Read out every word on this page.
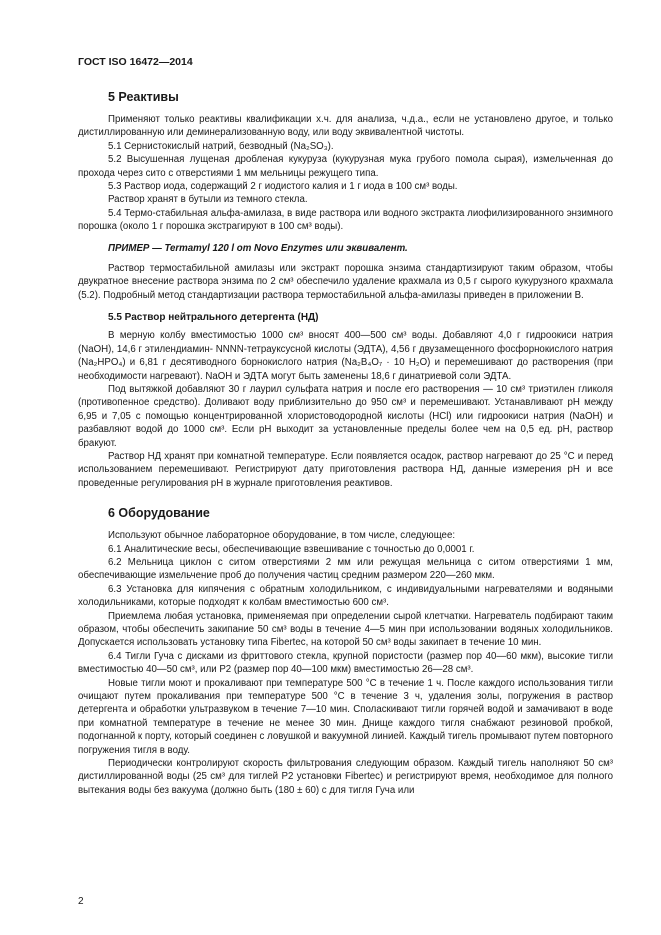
ГОСТ ISO 16472—2014
5 Реактивы

Применяют только реактивы квалификации х.ч. для анализа, ч.д.а., если не установлено другое, и только дистиллированную или деминерализованную воду, или воду эквивалентной чистоты.

5.1 Сернистокислый натрий, безводный (Na₂SO₃).

5.2 Высушенная лущеная дробленая кукуруза (кукурузная мука грубого помола сырая), измельченная до прохода через сито с отверстиями 1 мм мельницы режущего типа.

5.3 Раствор иода, содержащий 2 г иодистого калия и 1 г иода в 100 см³ воды.

Раствор хранят в бутыли из темного стекла.

5.4 Термо-стабильная альфа-амилаза, в виде раствора или водного экстракта лиофилизированного энзимного порошка (около 1 г порошка экстрагируют в 100 см³ воды).

ПРИМЕР — Termamyl 120 l от Novo Enzymes или эквивалент.

Раствор термостабильной амилазы или экстракт порошка энзима стандартизируют таким образом, чтобы двукратное внесение раствора энзима по 2 см³ обеспечило удаление крахмала из 0,5 г сырого кукурузного крахмала (5.2). Подробный метод стандартизации раствора термостабильной альфа-амилазы приведен в приложении В.

5.5 Раствор нейтрального детергента (НД)

В мерную колбу вместимостью 1000 см³ вносят 400—500 см³ воды. Добавляют 4,0 г гидроокиси натрия (NaOH), 14,6 г этилендиамин- NNNN-тетрауксусной кислоты (ЭДТА), 4,56 г двузамещенного фосфорнокислого натрия (Na₂HPO₄) и 6,81 г десятиводного борнокислого натрия (Na₂B₄O₇ · 10 H₂O) и перемешивают до растворения (при необходимости нагревают). NaOH и ЭДТА могут быть заменены 18,6 г динатриевой соли ЭДТА.

Под вытяжкой добавляют 30 г лаурил сульфата натрия и после его растворения — 10 см³ триэтилен гликоля (противопенное средство). Доливают воду приблизительно до 950 см³ и перемешивают. Устанавливают pH между 6,95 и 7,05 с помощью концентрированной хлористоводородной кислоты (HCl) или гидроокиси натрия (NaOH) и разбавляют водой до 1000 см³. Если pH выходит за установленные пределы более чем на 0,5 ед. pH, раствор бракуют.

Раствор НД хранят при комнатной температуре. Если появляется осадок, раствор нагревают до 25 °С и перед использованием перемешивают. Регистрируют дату приготовления раствора НД, данные измерения pH и все проведенные регулирования pH в журнале приготовления реактивов.

6 Оборудование

Используют обычное лабораторное оборудование, в том числе, следующее:

6.1 Аналитические весы, обеспечивающие взвешивание с точностью до 0,0001 г.

6.2 Мельница циклон с ситом отверстиями 2 мм или режущая мельница с ситом отверстиями 1 мм, обеспечивающие измельчение проб до получения частиц средним размером 220—260 мкм.

6.3 Установка для кипячения с обратным холодильником, с индивидуальными нагревателями и водяными холодильниками, которые подходят к колбам вместимостью 600 см³.

Приемлема любая установка, применяемая при определении сырой клетчатки. Нагреватель подбирают таким образом, чтобы обеспечить закипание 50 см³ воды в течение 4—5 мин при использовании водяных холодильников. Допускается использовать установку типа Fibertec, на которой 50 см³ воды закипает в течение 10 мин.

6.4 Тигли Гуча с дисками из фриттового стекла, крупной пористости (размер пор 40—60 мкм), высокие тигли вместимостью 40—50 см³, или Р2 (размер пор 40—100 мкм) вместимостью 26—28 см³.

Новые тигли моют и прокаливают при температуре 500 °С в течение 1 ч. После каждого использования тигли очищают путем прокаливания при температуре 500 °С в течение 3 ч, удаления золы, погружения в раствор детергента и обработки ультразвуком в течение 7—10 мин. Споласкивают тигли горячей водой и замачивают в воде при комнатной температуре в течение не менее 30 мин. Днище каждого тигля снабжают резиновой пробкой, подогнанной к порту, который соединен с ловушкой и вакуумной линией. Каждый тигель промывают путем повторного погружения тигля в воду.

Периодически контролируют скорость фильтрования следующим образом. Каждый тигель наполняют 50 см³ дистиллированной воды (25 см³ для тиглей Р2 установки Fibertec) и регистрируют время, необходимое для полного вытекания воды без вакуума (должно быть (180 ± 60) с для тигля Гуча или

2
